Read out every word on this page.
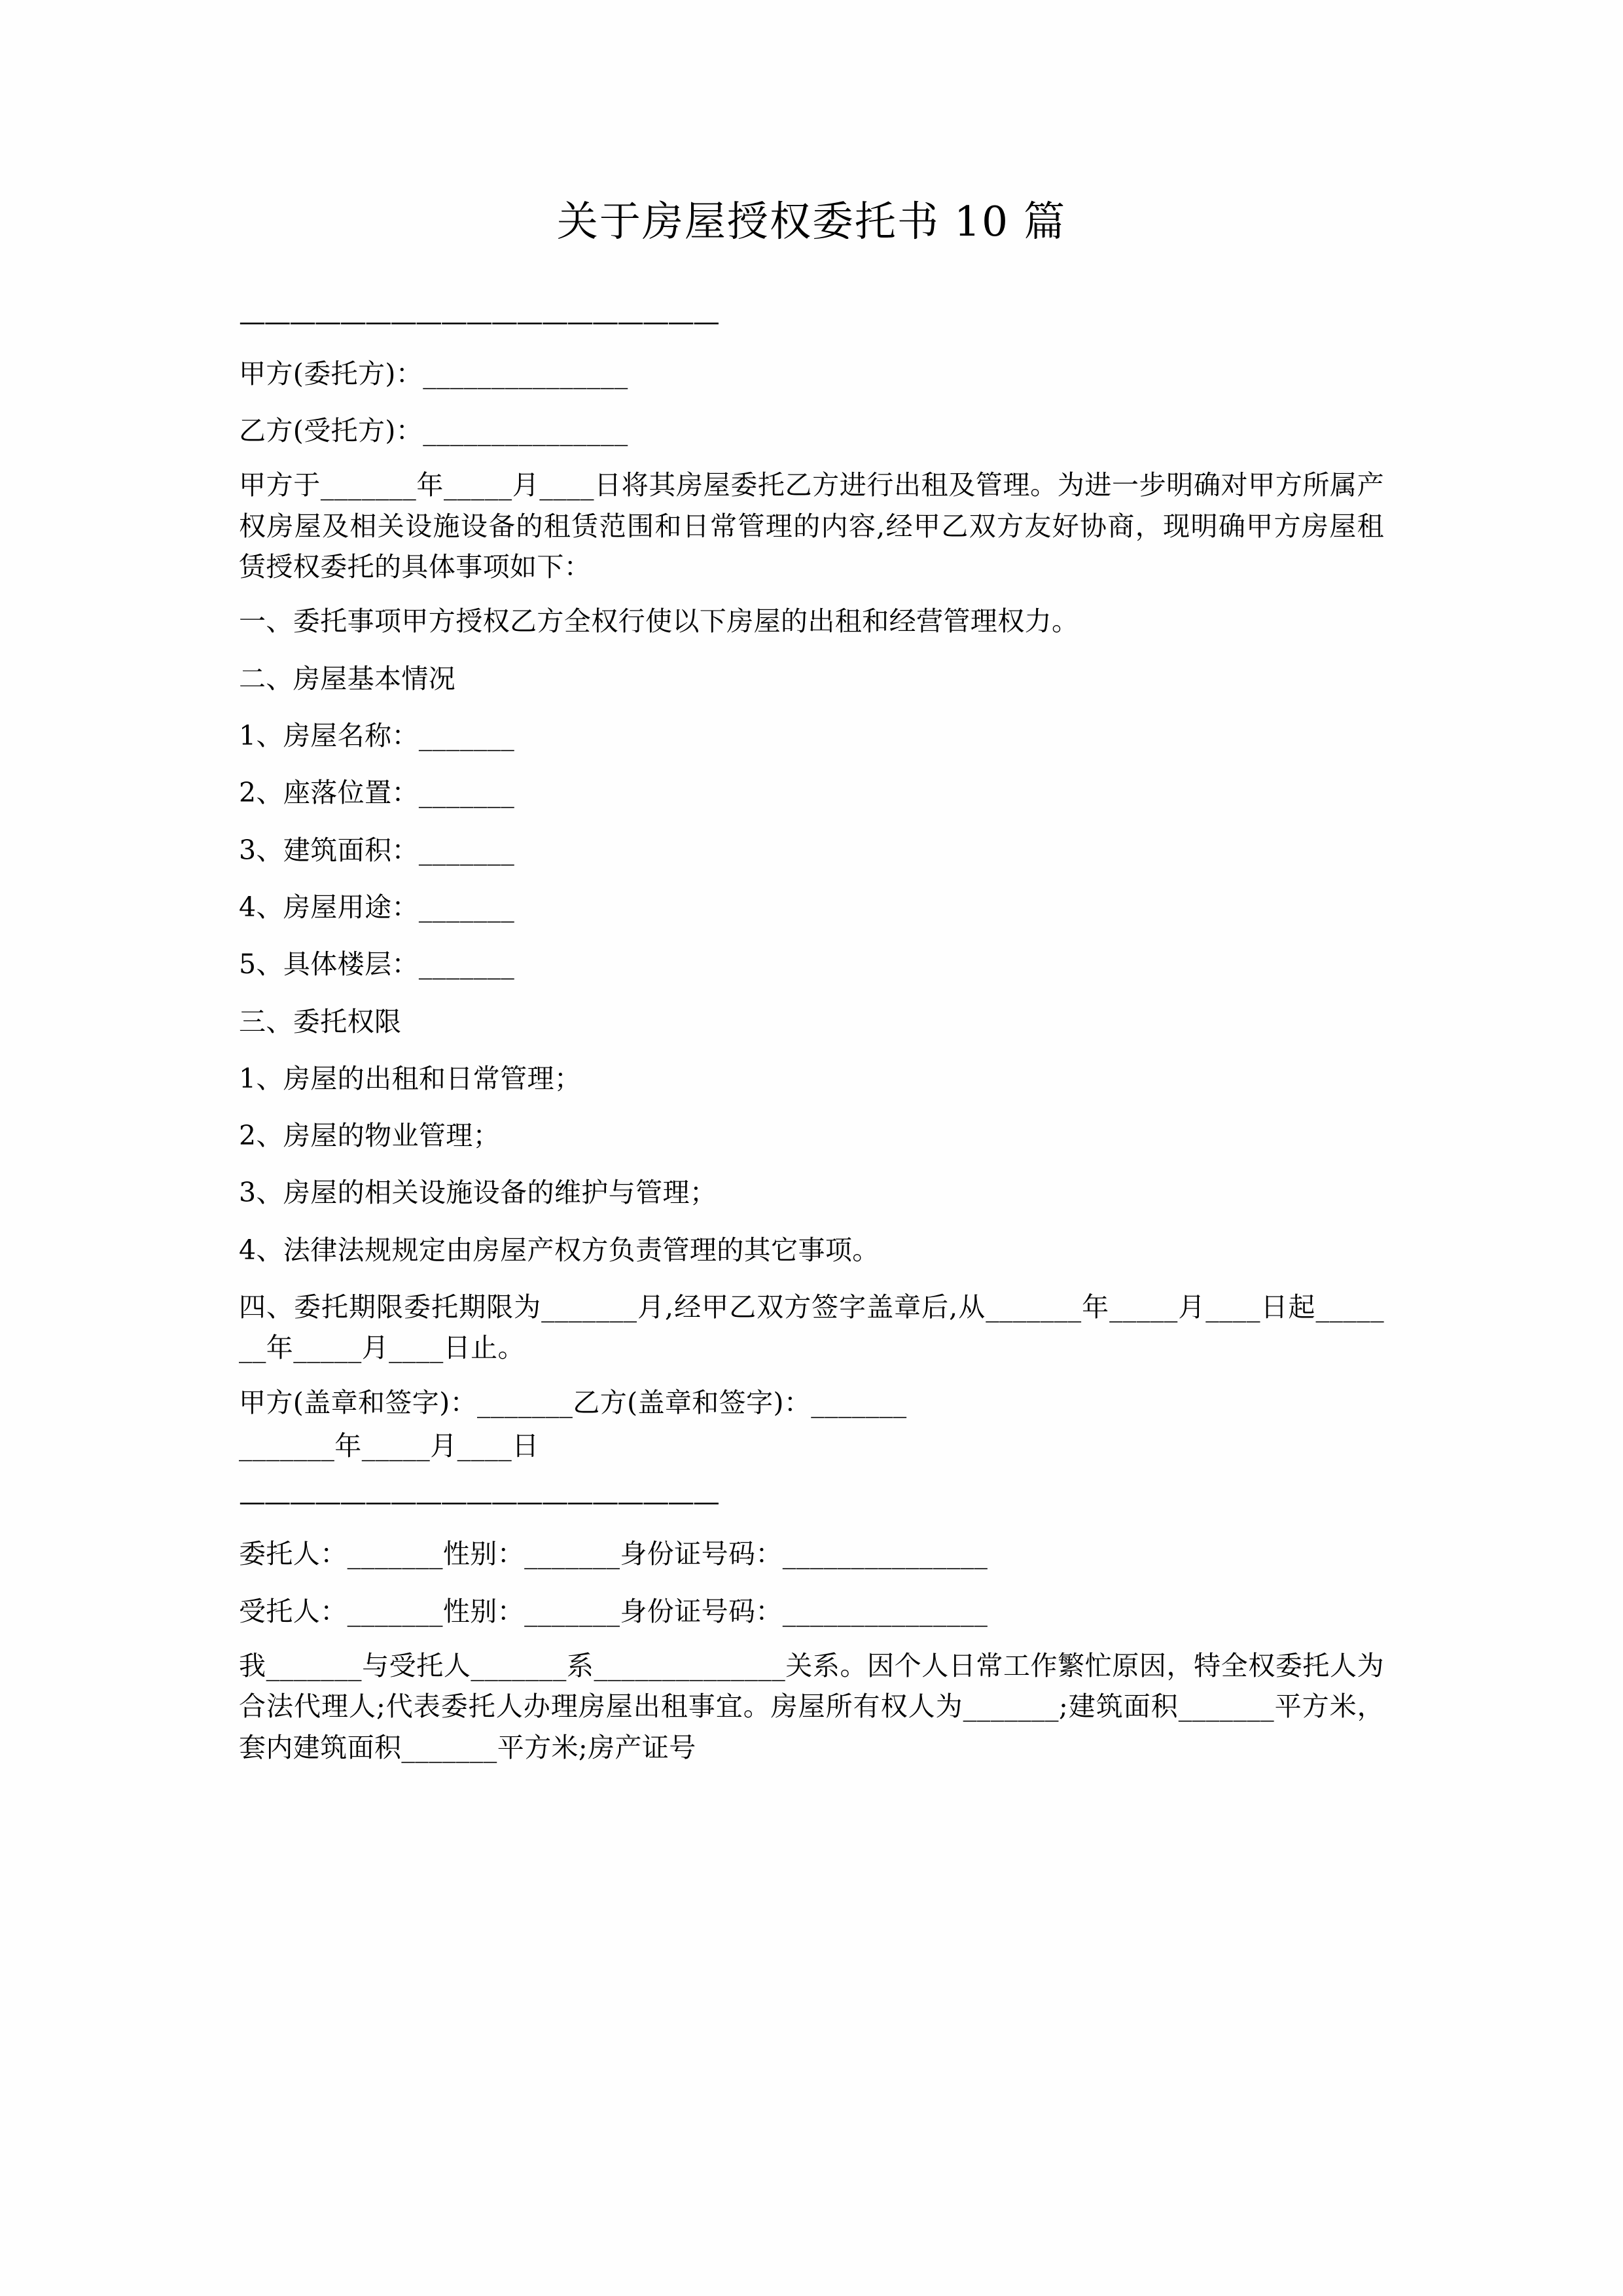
关于房屋授权委托书 10 篇
———————————————————

甲方(委托方)：_______________

乙方(受托方)：_______________

甲方于_______年_____月____日将其房屋委托乙方进行出租及管理。为进一步明确对甲方所属产权房屋及相关设施设备的租赁范围和日常管理的内容,经甲乙双方友好协商，现明确甲方房屋租赁授权委托的具体事项如下：

一、委托事项甲方授权乙方全权行使以下房屋的出租和经营管理权力。

二、房屋基本情况

1、房屋名称：_______

2、座落位置：_______

3、建筑面积：_______

4、房屋用途：_______

5、具体楼层：_______

三、委托权限

1、房屋的出租和日常管理；

2、房屋的物业管理；

3、房屋的相关设施设备的维护与管理；

4、法律法规规定由房屋产权方负责管理的其它事项。

四、委托期限委托期限为_______月,经甲乙双方签字盖章后,从_______年_____月____日起_______年_____月____日止。

甲方(盖章和签字)：_______乙方(盖章和签字)：_______

_______年_____月____日

———————————————————

委托人：_______性别：_______身份证号码：_______________

受托人：_______性别：_______身份证号码：_______________

我_______与受托人_______系______________关系。因个人日常工作繁忙原因，特全权委托人为合法代理人;代表委托人办理房屋出租事宜。房屋所有权人为_______;建筑面积_______平方米，套内建筑面积_______平方米;房产证号
